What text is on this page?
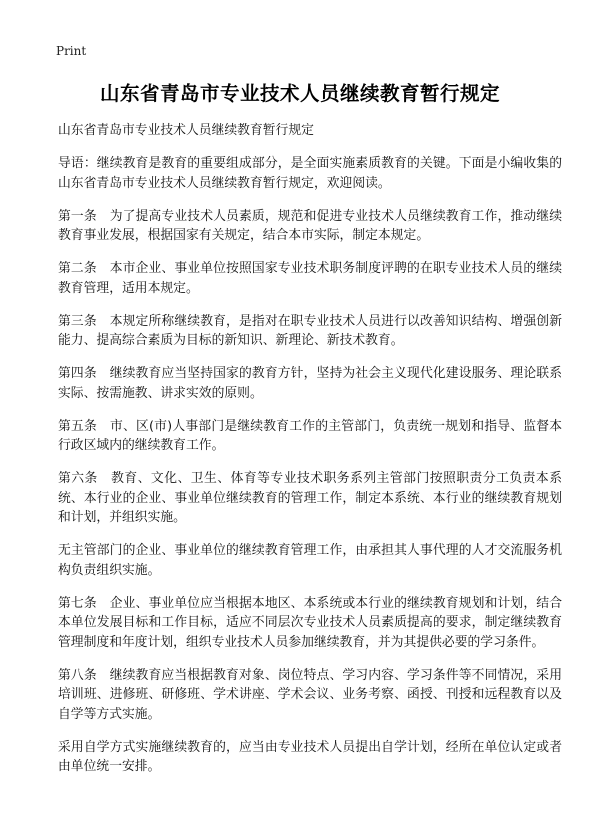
Print
山东省青岛市专业技术人员继续教育暂行规定

山东省青岛市专业技术人员继续教育暂行规定

导语：继续教育是教育的重要组成部分，是全面实施素质教育的关键。下面是小编收集的山东省青岛市专业技术人员继续教育暂行规定，欢迎阅读。

第一条　为了提高专业技术人员素质，规范和促进专业技术人员继续教育工作，推动继续教育事业发展，根据国家有关规定，结合本市实际，制定本规定。

第二条　本市企业、事业单位按照国家专业技术职务制度评聘的在职专业技术人员的继续教育管理，适用本规定。

第三条　本规定所称继续教育，是指对在职专业技术人员进行以改善知识结构、增强创新能力、提高综合素质为目标的新知识、新理论、新技术教育。

第四条　继续教育应当坚持国家的教育方针，坚持为社会主义现代化建设服务、理论联系实际、按需施教、讲求实效的原则。

第五条　市、区(市)人事部门是继续教育工作的主管部门，负责统一规划和指导、监督本行政区域内的继续教育工作。

第六条　教育、文化、卫生、体育等专业技术职务系列主管部门按照职责分工负责本系统、本行业的企业、事业单位继续教育的管理工作，制定本系统、本行业的继续教育规划和计划，并组织实施。

无主管部门的企业、事业单位的继续教育管理工作，由承担其人事代理的人才交流服务机构负责组织实施。

第七条　企业、事业单位应当根据本地区、本系统或本行业的继续教育规划和计划，结合本单位发展目标和工作目标，适应不同层次专业技术人员素质提高的要求，制定继续教育管理制度和年度计划，组织专业技术人员参加继续教育，并为其提供必要的学习条件。

第八条　继续教育应当根据教育对象、岗位特点、学习内容、学习条件等不同情况，采用培训班、进修班、研修班、学术讲座、学术会议、业务考察、函授、刊授和远程教育以及自学等方式实施。

采用自学方式实施继续教育的，应当由专业技术人员提出自学计划，经所在单位认定或者由单位统一安排。
